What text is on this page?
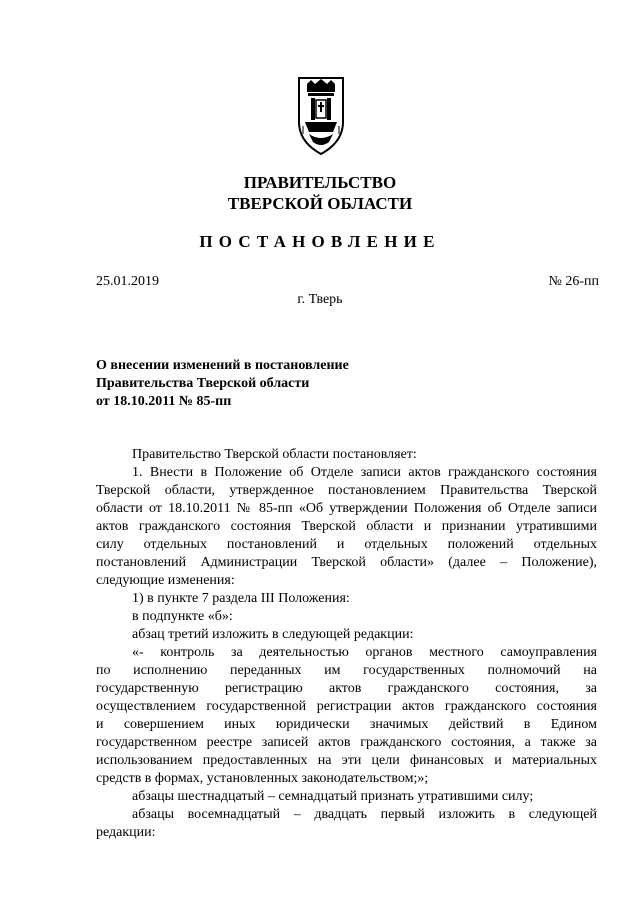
ПРАВИТЕЛЬСТВО
ТВЕРСКОЙ ОБЛАСТИ
ПОСТАНОВЛЕНИЕ
25.01.2019	№ 26-пп
г. Тверь
О внесении изменений в постановление
Правительства Тверской области
от 18.10.2011 № 85-пп
Правительство Тверской области постановляет:
1. Внести в Положение об Отделе записи актов гражданского состояния
Тверской области, утвержденное постановлением Правительства Тверской
области от 18.10.2011 № 85-пп «Об утверждении Положения об Отделе записи
актов гражданского состояния Тверской области и признании утратившими
силу отдельных постановлений и отдельных положений отдельных
постановлений Администрации Тверской области» (далее – Положение),
следующие изменения:
1) в пункте 7 раздела III Положения:
в подпункте «б»:
абзац третий изложить в следующей редакции:
«- контроль за деятельностью органов местного самоуправления
по исполнению переданных им государственных полномочий на
государственную регистрацию актов гражданского состояния, за
осуществлением государственной регистрации актов гражданского состояния
и совершением иных юридически значимых действий в Едином
государственном реестре записей актов гражданского состояния, а также за
использованием предоставленных на эти цели финансовых и материальных
средств в формах, установленных законодательством;»;
абзацы шестнадцатый – семнадцатый признать утратившими силу;
абзацы восемнадцатый – двадцать первый изложить в следующей
редакции:
